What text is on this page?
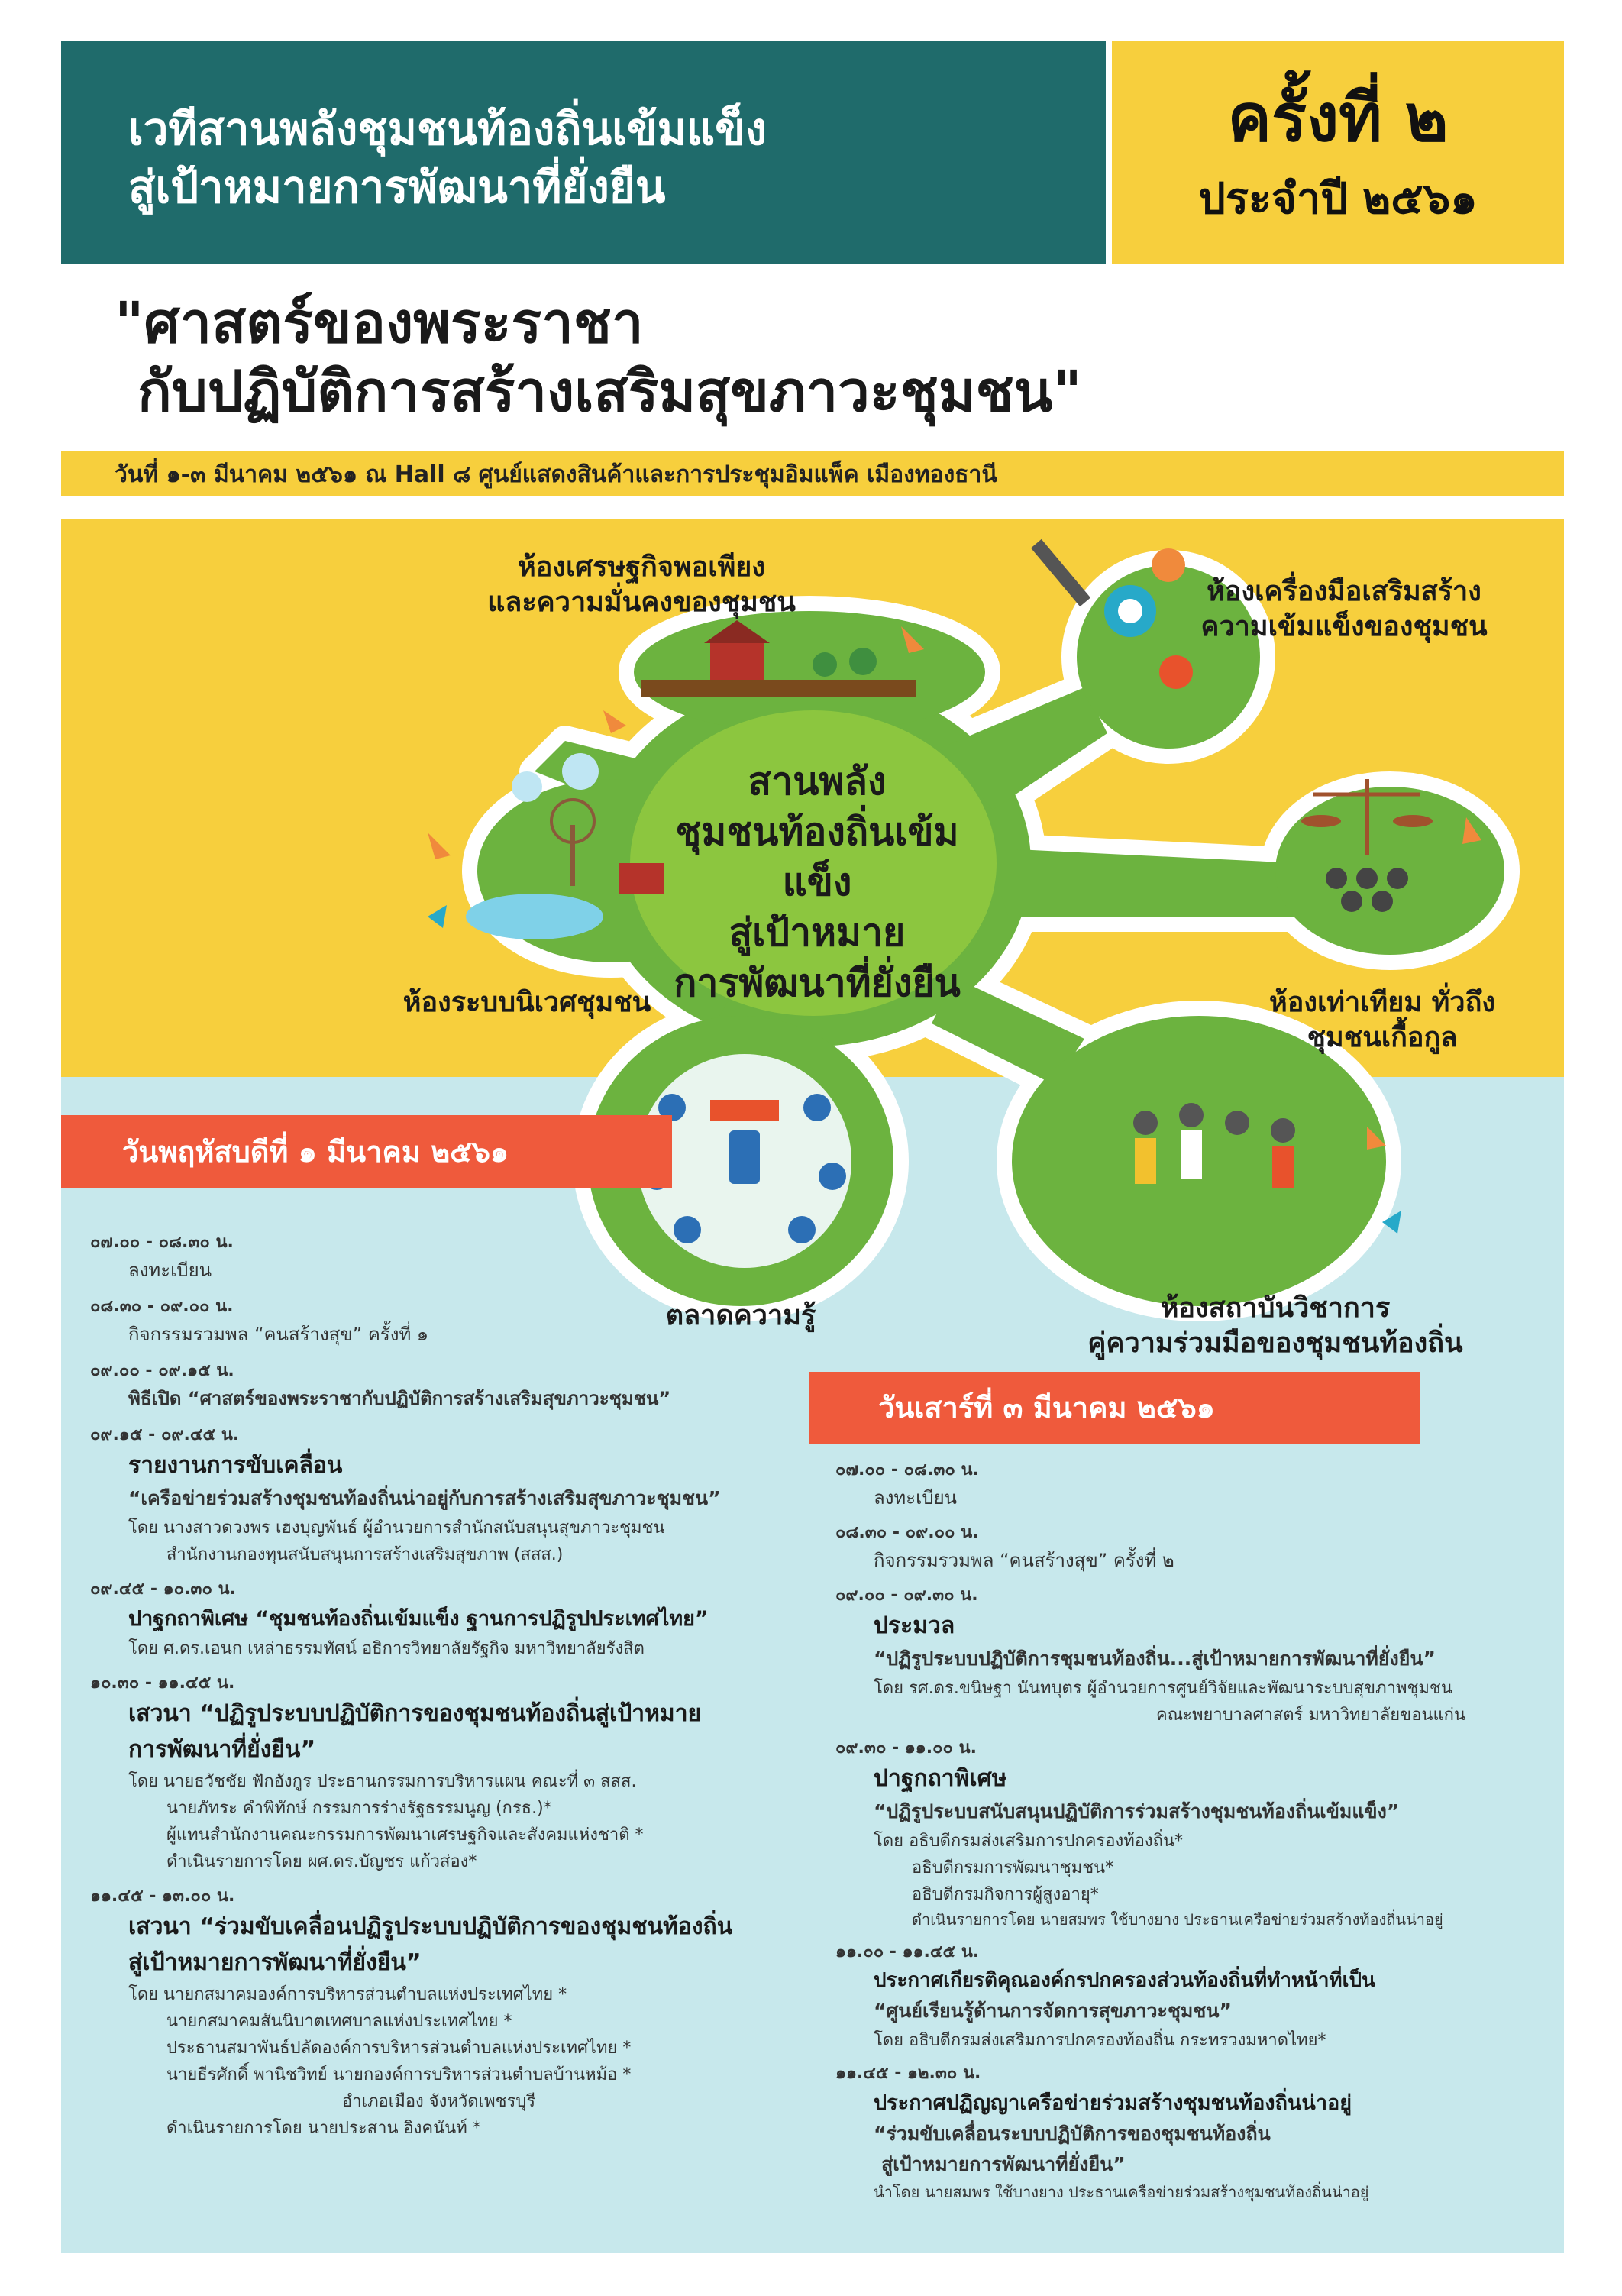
เวทีสานพลังชุมชนท้องถิ่นเข้มแข็ง
สู่เป้าหมายการพัฒนาที่ยั่งยืน
ครั้งที่ ๒
ประจำปี ๒๕๖๑
"ศาสตร์ของพระราชา
กับปฏิบัติการสร้างเสริมสุขภาวะชุมชน"
วันที่ ๑-๓ มีนาคม ๒๕๖๑ ณ Hall ๘ ศูนย์แสดงสินค้าและการประชุมอิมแพ็ค เมืองทองธานี
สานพลัง
ชุมชนท้องถิ่นเข้มแข็ง
สู่เป้าหมาย
การพัฒนาที่ยั่งยืน
ห้องเศรษฐกิจพอเพียง
และความมั่นคงของชุมชน	ห้องเครื่องมือเสริมสร้าง
ความเข้มแข็งของชุมชน
ห้องระบบนิเวศชุมชน	ห้องเท่าเทียม ทั่วถึง
ชุมชนเกื้อกูล
ตลาดความรู้	ห้องสถาบันวิชาการ
คู่ความร่วมมือของชุมชนท้องถิ่น
วันพฤหัสบดีที่ ๑ มีนาคม ๒๕๖๑
๐๗.๐๐ - ๐๘.๓๐ น.
ลงทะเบียน
๐๘.๓๐ - ๐๙.๐๐ น.
กิจกรรมรวมพล “คนสร้างสุข” ครั้งที่ ๑
๐๙.๐๐ - ๐๙.๑๕ น.
พิธีเปิด “ศาสตร์ของพระราชากับปฏิบัติการสร้างเสริมสุขภาวะชุมชน”
๐๙.๑๕ - ๐๙.๔๕ น.
รายงานการขับเคลื่อน
“เครือข่ายร่วมสร้างชุมชนท้องถิ่นน่าอยู่กับการสร้างเสริมสุขภาวะชุมชน”
โดย นางสาวดวงพร เฮงบุญพันธ์ ผู้อำนวยการสำนักสนับสนุนสุขภาวะชุมชน
สำนักงานกองทุนสนับสนุนการสร้างเสริมสุขภาพ (สสส.)
๐๙.๔๕ - ๑๐.๓๐ น.
ปาฐกถาพิเศษ “ชุมชนท้องถิ่นเข้มแข็ง ฐานการปฏิรูปประเทศไทย”
โดย ศ.ดร.เอนก เหล่าธรรมทัศน์ อธิการวิทยาลัยรัฐกิจ มหาวิทยาลัยรังสิต
๑๐.๓๐ - ๑๑.๔๕ น.
เสวนา “ปฏิรูประบบปฏิบัติการของชุมชนท้องถิ่นสู่เป้าหมาย
การพัฒนาที่ยั่งยืน”
โดย นายธวัชชัย ฟักอังกูร ประธานกรรมการบริหารแผน คณะที่ ๓ สสส.
นายภัทระ คำพิทักษ์ กรรมการร่างรัฐธรรมนูญ (กรธ.)*
ผู้แทนสำนักงานคณะกรรมการพัฒนาเศรษฐกิจและสังคมแห่งชาติ *
ดำเนินรายการโดย ผศ.ดร.บัญชร แก้วส่อง*
๑๑.๔๕ - ๑๓.๐๐ น.
เสวนา “ร่วมขับเคลื่อนปฏิรูประบบปฏิบัติการของชุมชนท้องถิ่น
สู่เป้าหมายการพัฒนาที่ยั่งยืน”
โดย นายกสมาคมองค์การบริหารส่วนตำบลแห่งประเทศไทย *
นายกสมาคมสันนิบาตเทศบาลแห่งประเทศไทย *
ประธานสมาพันธ์ปลัดองค์การบริหารส่วนตำบลแห่งประเทศไทย *
นายธีรศักดิ์ พานิชวิทย์ นายกองค์การบริหารส่วนตำบลบ้านหม้อ *
อำเภอเมือง จังหวัดเพชรบุรี
ดำเนินรายการโดย นายประสาน อิงคนันท์ *
วันเสาร์ที่ ๓ มีนาคม ๒๕๖๑
๐๗.๐๐ - ๐๘.๓๐ น.
ลงทะเบียน
๐๘.๓๐ - ๐๙.๐๐ น.
กิจกรรมรวมพล “คนสร้างสุข” ครั้งที่ ๒
๐๙.๐๐ - ๐๙.๓๐ น.
ประมวล
“ปฏิรูประบบปฏิบัติการชุมชนท้องถิ่น...สู่เป้าหมายการพัฒนาที่ยั่งยืน”
โดย รศ.ดร.ขนิษฐา นันทบุตร ผู้อำนวยการศูนย์วิจัยและพัฒนาระบบสุขภาพชุมชน
คณะพยาบาลศาสตร์ มหาวิทยาลัยขอนแก่น
๐๙.๓๐ - ๑๑.๐๐ น.
ปาฐกถาพิเศษ
“ปฏิรูประบบสนับสนุนปฏิบัติการร่วมสร้างชุมชนท้องถิ่นเข้มแข็ง”
โดย อธิบดีกรมส่งเสริมการปกครองท้องถิ่น*
อธิบดีกรมการพัฒนาชุมชน*
อธิบดีกรมกิจการผู้สูงอายุ*
ดำเนินรายการโดย นายสมพร ใช้บางยาง ประธานเครือข่ายร่วมสร้างท้องถิ่นน่าอยู่
๑๑.๐๐ - ๑๑.๔๕ น.
ประกาศเกียรติคุณองค์กรปกครองส่วนท้องถิ่นที่ทำหน้าที่เป็น
“ศูนย์เรียนรู้ด้านการจัดการสุขภาวะชุมชน”
โดย อธิบดีกรมส่งเสริมการปกครองท้องถิ่น กระทรวงมหาดไทย*
๑๑.๔๕ - ๑๒.๓๐ น.
ประกาศปฏิญญาเครือข่ายร่วมสร้างชุมชนท้องถิ่นน่าอยู่
“ร่วมขับเคลื่อนระบบปฏิบัติการของชุมชนท้องถิ่น
สู่เป้าหมายการพัฒนาที่ยั่งยืน”
นำโดย นายสมพร ใช้บางยาง ประธานเครือข่ายร่วมสร้างชุมชนท้องถิ่นน่าอยู่
